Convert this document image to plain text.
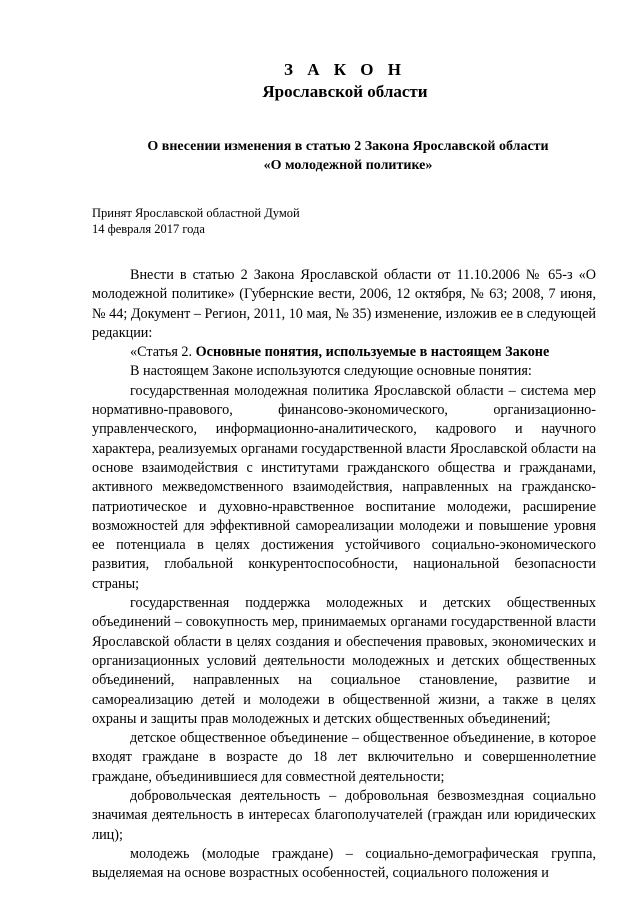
З А К О Н
Ярославской области
О внесении изменения в статью 2 Закона Ярославской области
«О молодежной политике»
Принят Ярославской областной Думой
14 февраля 2017 года

Внести в статью 2 Закона Ярославской области от 11.10.2006 № 65-з «О молодежной политике» (Губернские вести, 2006, 12 октября, № 63; 2008, 7 июня, № 44; Документ – Регион, 2011, 10 мая, № 35) изменение, изложив ее в следующей редакции:

«Статья 2. Основные понятия, используемые в настоящем Законе

В настоящем Законе используются следующие основные понятия:

государственная молодежная политика Ярославской области – система мер нормативно-правового, финансово-экономического, организационно-управленческого, информационно-аналитического, кадрового и научного характера, реализуемых органами государственной власти Ярославской области на основе взаимодействия с институтами гражданского общества и гражданами, активного межведомственного взаимодействия, направленных на гражданско-патриотическое и духовно-нравственное воспитание молодежи, расширение возможностей для эффективной самореализации молодежи и повышение уровня ее потенциала в целях достижения устойчивого социально-экономического развития, глобальной конкурентоспособности, национальной безопасности страны;

государственная поддержка молодежных и детских общественных объединений – совокупность мер, принимаемых органами государственной власти Ярославской области в целях создания и обеспечения правовых, экономических и организационных условий деятельности молодежных и детских общественных объединений, направленных на социальное становление, развитие и самореализацию детей и молодежи в общественной жизни, а также в целях охраны и защиты прав молодежных и детских общественных объединений;

детское общественное объединение – общественное объединение, в которое входят граждане в возрасте до 18 лет включительно и совершеннолетние граждане, объединившиеся для совместной деятельности;

добровольческая деятельность – добровольная безвозмездная социально значимая деятельность в интересах благополучателей (граждан или юридических лиц);

молодежь (молодые граждане) – социально-демографическая группа, выделяемая на основе возрастных особенностей, социального положения и
